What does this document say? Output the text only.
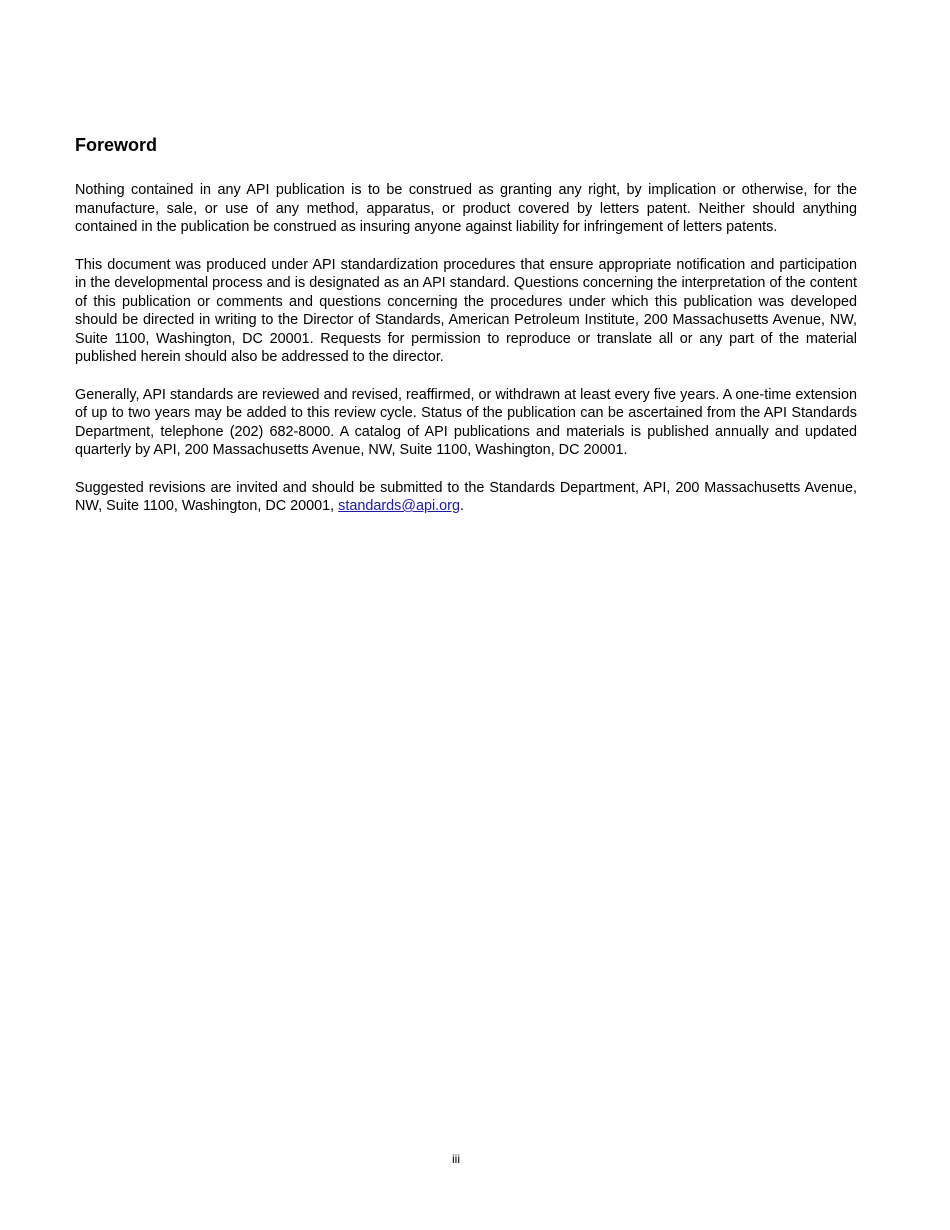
Foreword

Nothing contained in any API publication is to be construed as granting any right, by implication or otherwise, for the manufacture, sale, or use of any method, apparatus, or product covered by letters patent. Neither should anything contained in the publication be construed as insuring anyone against liability for infringement of letters patents.

This document was produced under API standardization procedures that ensure appropriate notification and participation in the developmental process and is designated as an API standard. Questions concerning the interpretation of the content of this publication or comments and questions concerning the procedures under which this publication was developed should be directed in writing to the Director of Standards, American Petroleum Institute, 200 Massachusetts Avenue, NW, Suite 1100, Washington, DC 20001. Requests for permission to reproduce or translate all or any part of the material published herein should also be addressed to the director.

Generally, API standards are reviewed and revised, reaffirmed, or withdrawn at least every five years. A one-time extension of up to two years may be added to this review cycle. Status of the publication can be ascertained from the API Standards Department, telephone (202) 682-8000. A catalog of API publications and materials is published annually and updated quarterly by API, 200 Massachusetts Avenue, NW, Suite 1100, Washington, DC 20001.

Suggested revisions are invited and should be submitted to the Standards Department, API, 200 Massachusetts Avenue, NW, Suite 1100, Washington, DC 20001, standards@api.org.

iii
